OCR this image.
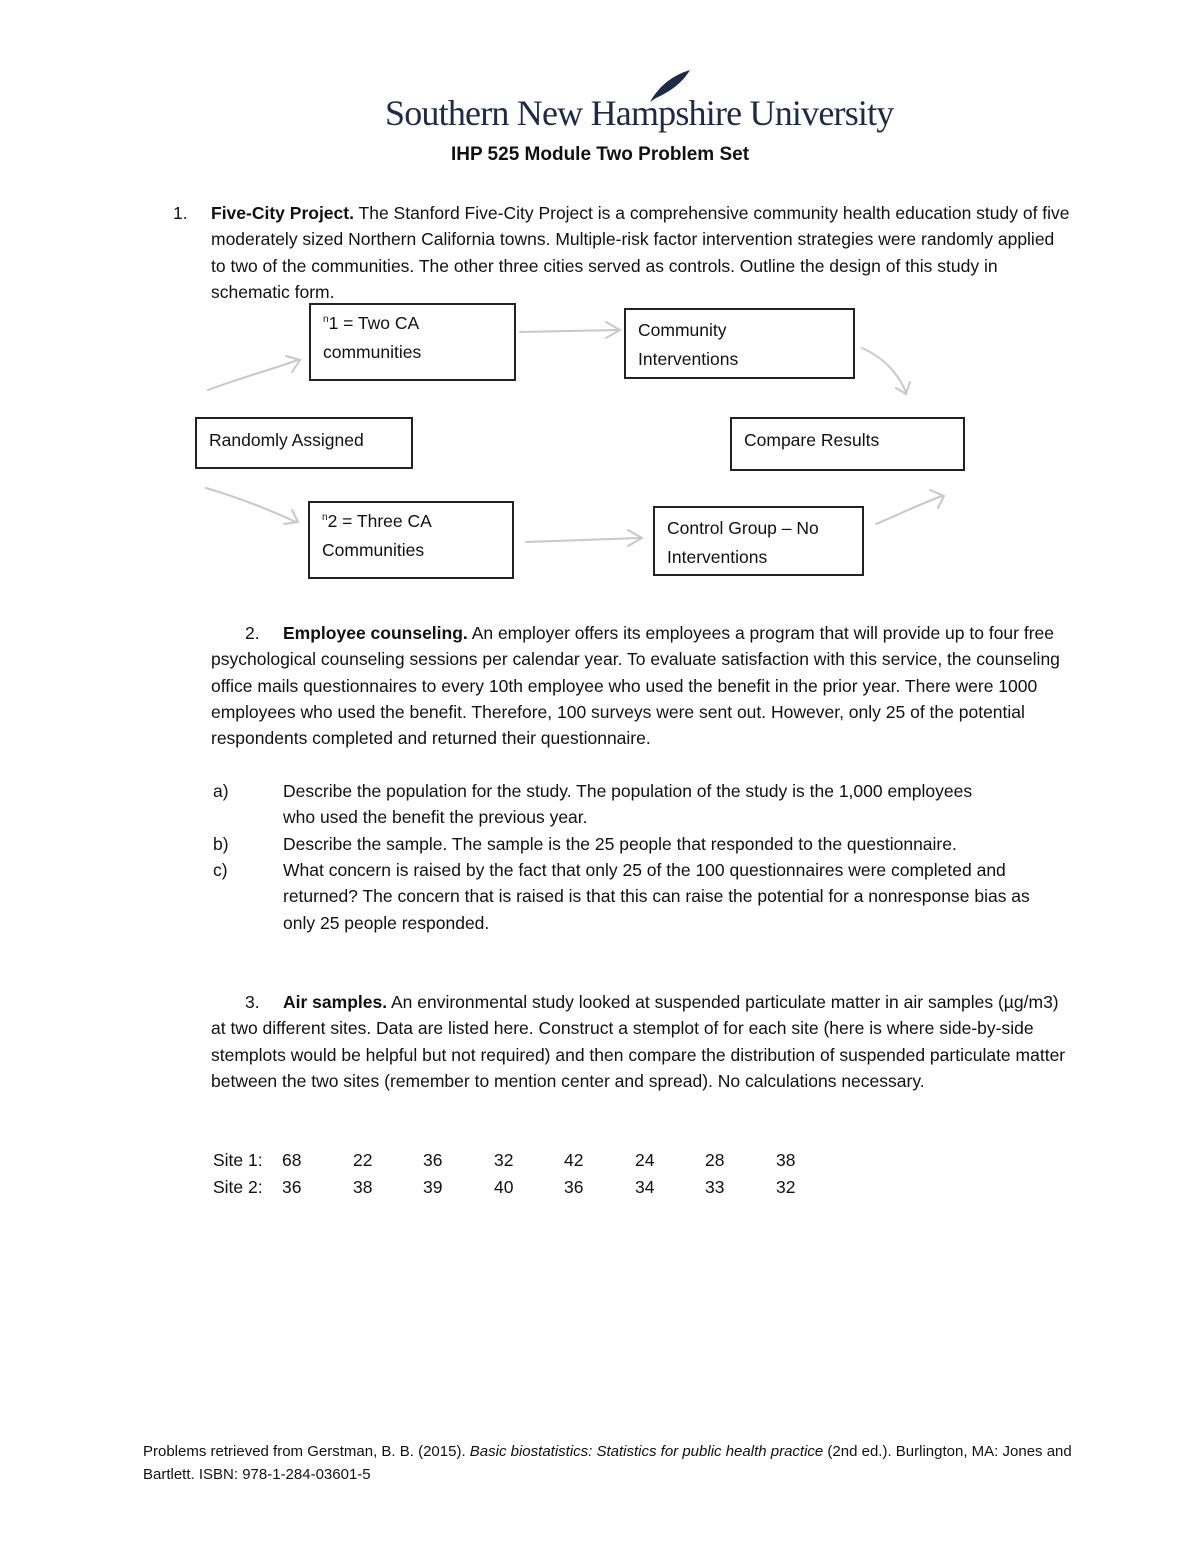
Southern New Hampshire University
IHP 525 Module Two Problem Set
1. Five-City Project. The Stanford Five-City Project is a comprehensive community health education study of five moderately sized Northern California towns. Multiple-risk factor intervention strategies were randomly applied to two of the communities. The other three cities served as controls. Outline the design of this study in schematic form.
$^n$1 = Two CA
communities
Community
Interventions
Randomly Assigned	Compare Results
$^n$2 = Three CA
Communities
Control Group – No
Interventions
2.	Employee counseling. An employer offers its employees a program that will provide up to four free psychological counseling sessions per calendar year. To evaluate satisfaction with this service, the counseling office mails questionnaires to every 10th employee who used the benefit in the prior year. There were 1000 employees who used the benefit. Therefore, 100 surveys were sent out. However, only 25 of the potential respondents completed and returned their questionnaire.
a)	Describe the population for the study. The population of the study is the 1,000 employees who used the benefit the previous year.
b)	Describe the sample. The sample is the 25 people that responded to the questionnaire.
c)	What concern is raised by the fact that only 25 of the 100 questionnaires were completed and returned? The concern that is raised is that this can raise the potential for a nonresponse bias as only 25 people responded.
3.	Air samples. An environmental study looked at suspended particulate matter in air samples (µg/m3) at two different sites. Data are listed here. Construct a stemplot of for each site (here is where side-by-side stemplots would be helpful but not required) and then compare the distribution of suspended particulate matter between the two sites (remember to mention center and spread). No calculations necessary.
Site 1: 68	22	36	32	42	24	28	38
Site 2: 36	38	39	40	36	34	33	32
Problems retrieved from Gerstman, B. B. (2015). Basic biostatistics: Statistics for public health practice (2nd ed.). Burlington, MA: Jones and Bartlett. ISBN: 978-1-284-03601-5
